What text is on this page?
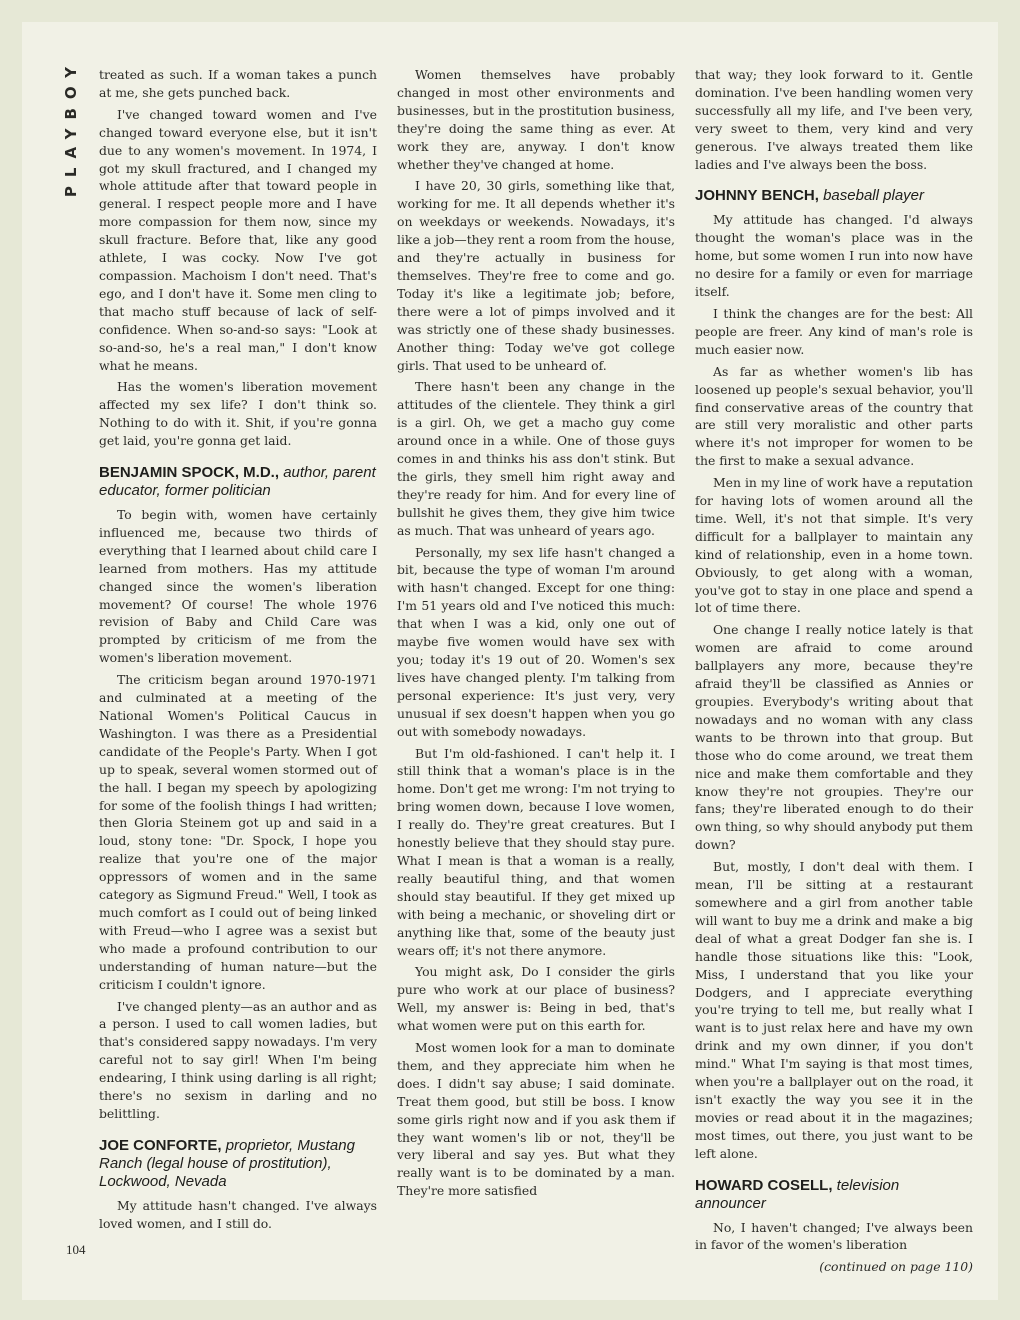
PLAYBOY
104

treated as such. If a woman takes a punch at me, she gets punched back.

I've changed toward women and I've changed toward everyone else, but it isn't due to any women's movement. In 1974, I got my skull fractured, and I changed my whole attitude after that toward people in general. I respect people more and I have more compassion for them now, since my skull fracture. Before that, like any good athlete, I was cocky. Now I've got compassion. Machoism I don't need. That's ego, and I don't have it. Some men cling to that macho stuff because of lack of self-confidence. When so-and-so says: "Look at so-and-so, he's a real man," I don't know what he means.

Has the women's liberation movement affected my sex life? I don't think so. Nothing to do with it. Shit, if you're gonna get laid, you're gonna get laid.

BENJAMIN SPOCK, M.D., author, parent educator, former politician

To begin with, women have certainly influenced me, because two thirds of everything that I learned about child care I learned from mothers. Has my attitude changed since the women's liberation movement? Of course! The whole 1976 revision of Baby and Child Care was prompted by criticism of me from the women's liberation movement.

The criticism began around 1970-1971 and culminated at a meeting of the National Women's Political Caucus in Washington. I was there as a Presidential candidate of the People's Party. When I got up to speak, several women stormed out of the hall. I began my speech by apologizing for some of the foolish things I had written; then Gloria Steinem got up and said in a loud, stony tone: "Dr. Spock, I hope you realize that you're one of the major oppressors of women and in the same category as Sigmund Freud." Well, I took as much comfort as I could out of being linked with Freud—who I agree was a sexist but who made a profound contribution to our understanding of human nature—but the criticism I couldn't ignore.

I've changed plenty—as an author and as a person. I used to call women ladies, but that's considered sappy nowadays. I'm very careful not to say girl! When I'm being endearing, I think using darling is all right; there's no sexism in darling and no belittling.

JOE CONFORTE, proprietor, Mustang Ranch (legal house of prostitution), Lockwood, Nevada

My attitude hasn't changed. I've always loved women, and I still do.

Women themselves have probably changed in most other environments and businesses, but in the prostitution business, they're doing the same thing as ever. At work they are, anyway. I don't know whether they've changed at home.

I have 20, 30 girls, something like that, working for me. It all depends whether it's on weekdays or weekends. Nowadays, it's like a job—they rent a room from the house, and they're actually in business for themselves. They're free to come and go. Today it's like a legitimate job; before, there were a lot of pimps involved and it was strictly one of these shady businesses. Another thing: Today we've got college girls. That used to be unheard of.

There hasn't been any change in the attitudes of the clientele. They think a girl is a girl. Oh, we get a macho guy come around once in a while. One of those guys comes in and thinks his ass don't stink. But the girls, they smell him right away and they're ready for him. And for every line of bullshit he gives them, they give him twice as much. That was unheard of years ago.

Personally, my sex life hasn't changed a bit, because the type of woman I'm around with hasn't changed. Except for one thing: I'm 51 years old and I've noticed this much: that when I was a kid, only one out of maybe five women would have sex with you; today it's 19 out of 20. Women's sex lives have changed plenty. I'm talking from personal experience: It's just very, very unusual if sex doesn't happen when you go out with somebody nowadays.

But I'm old-fashioned. I can't help it. I still think that a woman's place is in the home. Don't get me wrong: I'm not trying to bring women down, because I love women, I really do. They're great creatures. But I honestly believe that they should stay pure. What I mean is that a woman is a really, really beautiful thing, and that women should stay beautiful. If they get mixed up with being a mechanic, or shoveling dirt or anything like that, some of the beauty just wears off; it's not there anymore.

You might ask, Do I consider the girls pure who work at our place of business? Well, my answer is: Being in bed, that's what women were put on this earth for.

Most women look for a man to dominate them, and they appreciate him when he does. I didn't say abuse; I said dominate. Treat them good, but still be boss. I know some girls right now and if you ask them if they want women's lib or not, they'll be very liberal and say yes. But what they really want is to be dominated by a man. They're more satisfied

that way; they look forward to it. Gentle domination. I've been handling women very successfully all my life, and I've been very, very sweet to them, very kind and very generous. I've always treated them like ladies and I've always been the boss.

JOHNNY BENCH, baseball player

My attitude has changed. I'd always thought the woman's place was in the home, but some women I run into now have no desire for a family or even for marriage itself.

I think the changes are for the best: All people are freer. Any kind of man's role is much easier now.

As far as whether women's lib has loosened up people's sexual behavior, you'll find conservative areas of the country that are still very moralistic and other parts where it's not improper for women to be the first to make a sexual advance.

Men in my line of work have a reputation for having lots of women around all the time. Well, it's not that simple. It's very difficult for a ballplayer to maintain any kind of relationship, even in a home town. Obviously, to get along with a woman, you've got to stay in one place and spend a lot of time there.

One change I really notice lately is that women are afraid to come around ballplayers any more, because they're afraid they'll be classified as Annies or groupies. Everybody's writing about that nowadays and no woman with any class wants to be thrown into that group. But those who do come around, we treat them nice and make them comfortable and they know they're not groupies. They're our fans; they're liberated enough to do their own thing, so why should anybody put them down?

But, mostly, I don't deal with them. I mean, I'll be sitting at a restaurant somewhere and a girl from another table will want to buy me a drink and make a big deal of what a great Dodger fan she is. I handle those situations like this: "Look, Miss, I understand that you like your Dodgers, and I appreciate everything you're trying to tell me, but really what I want is to just relax here and have my own drink and my own dinner, if you don't mind." What I'm saying is that most times, when you're a ballplayer out on the road, it isn't exactly the way you see it in the movies or read about it in the magazines; most times, out there, you just want to be left alone.

HOWARD COSELL, television announcer

No, I haven't changed; I've always been in favor of the women's liberation

(continued on page 110)
